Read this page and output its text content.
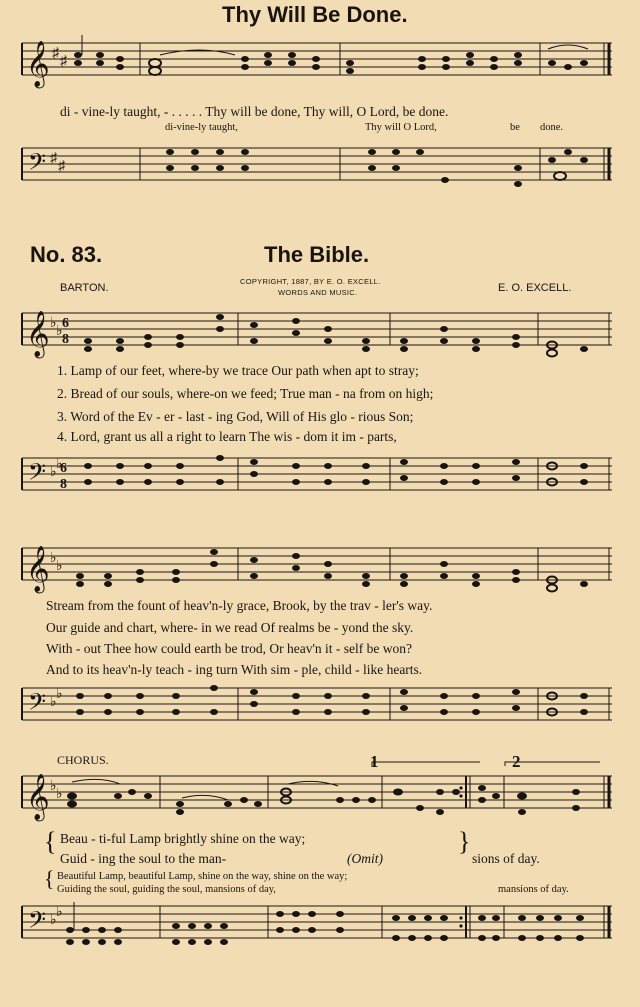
Thy Will Be Done.
𝄞 ♯
♯
di - vine-ly taught, - . . . . . Thy will be done, Thy will, O Lord, be done.
di-vine-ly taught,	Thy will O Lord,	be done.
𝄢 ♯
♯
No. 83.	The Bible.
BARTON.
COPYRIGHT, 1887, BY E. O. EXCELL.
WORDS AND MUSIC.	E. O. EXCELL.
𝄞 ♭
♭
6
8
1. Lamp of our feet, where-by we trace Our path when apt to stray;
2. Bread of our souls, where-on we feed; True man - na from on high;
3. Word of the Ev - er - last - ing God, Will of His glo - rious Son;
4. Lord, grant us all a right to learn The wis - dom it im - parts,
𝄢 ♭
♭
6
8
𝄞 ♭
♭
Stream from the fount of heav'n-ly grace, Brook, by the trav - ler's way.
Our guide and chart, where- in we read Of realms be - yond the sky.
With - out Thee how could earth be trod, Or heav'n it - self be won?
And to its heav'n-ly teach - ing turn With sim - ple, child - like hearts.
𝄢 ♭
♭
CHORUS.	1	2
𝄞 ♭
♭
{ Beau - ti-ful Lamp brightly shine on the way;
Guid - ing the soul to the man-	(Omit)
}
sions of day.
{ Beautiful Lamp, beautiful Lamp, shine on the way, shine on the way;
Guiding the soul, guiding the soul, mansions of day,	mansions of day.
𝄢 ♭
♭
